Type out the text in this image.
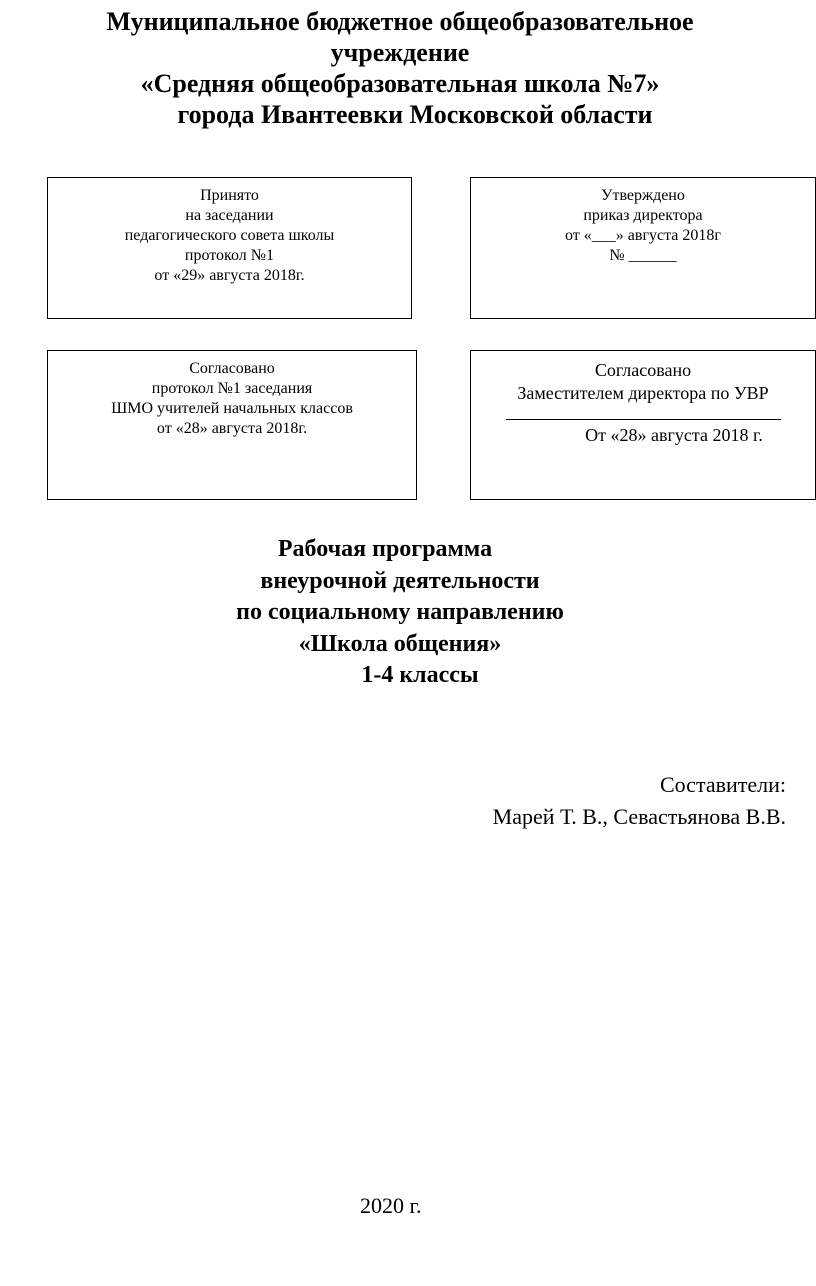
Муниципальное бюджетное общеобразовательное
учреждение
«Средняя общеобразовательная школа №7»
города Ивантеевки Московской области
Принято
на заседании
педагогического совета школы
протокол №1
от «29» августа 2018г.
Утверждено
приказ директора
от «___» августа 2018г
№ ______
Согласовано
протокол №1 заседания
ШМО учителей начальных классов
от «28» августа 2018г.
Согласовано
Заместителем директора по УВР
От «28» августа 2018 г.
Рабочая программа
внеурочной деятельности
по социальному направлению
«Школа общения»
1-4 классы
Составители:
Марей Т. В., Севастьянова В.В.
2020 г.
